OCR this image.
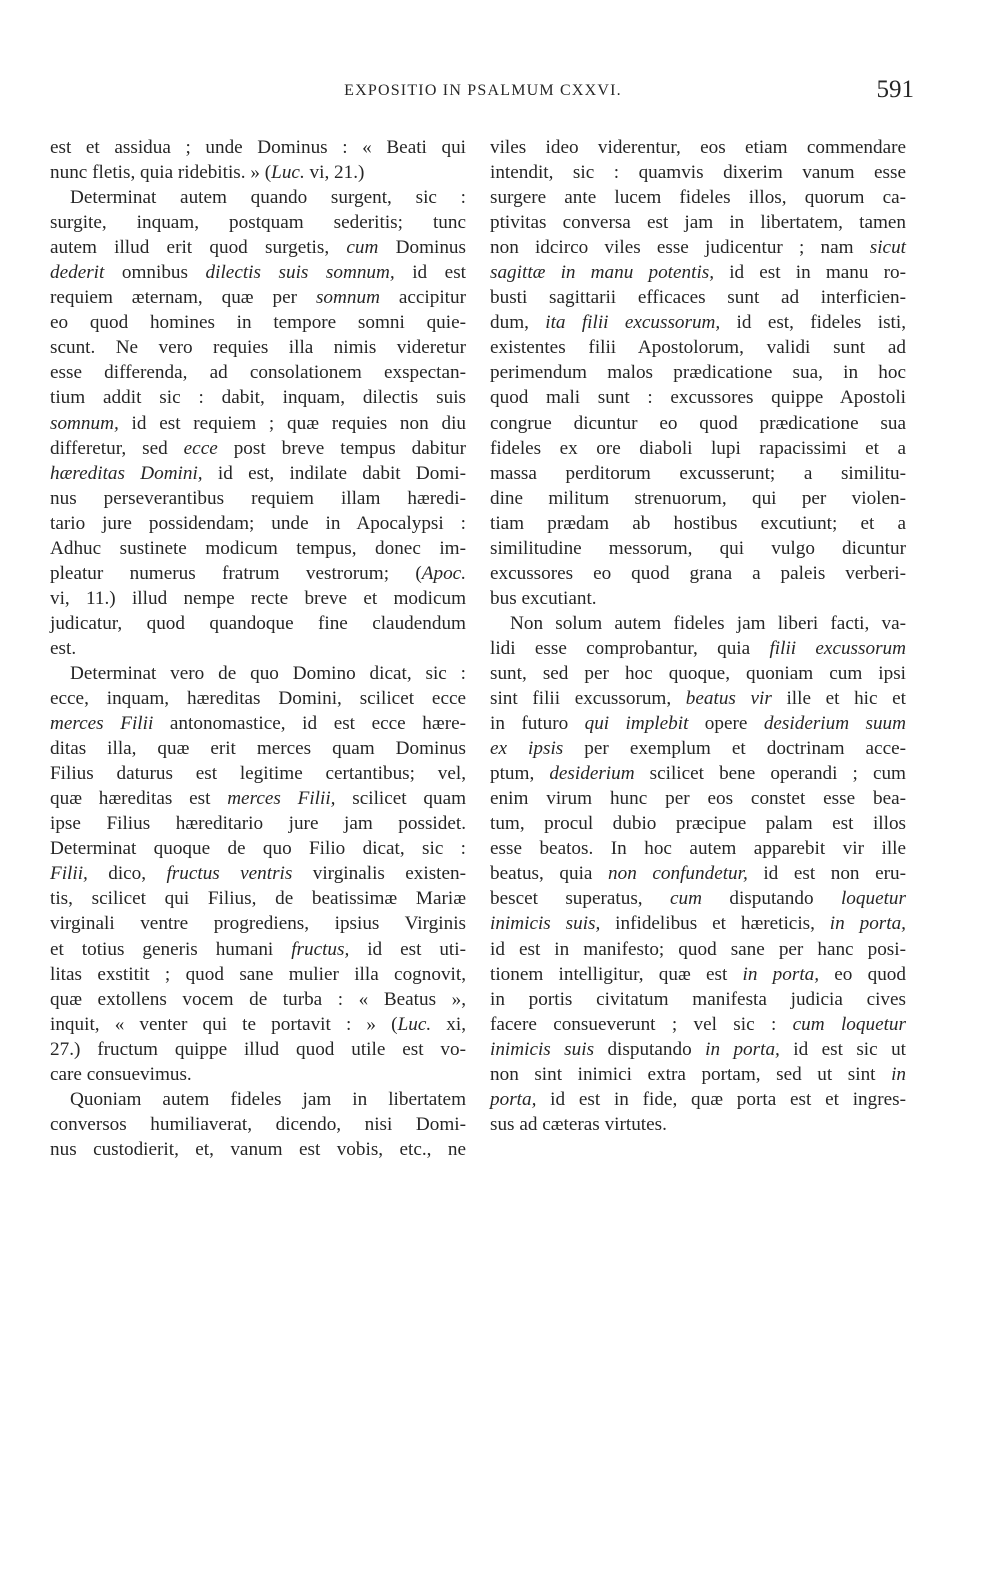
EXPOSITIO IN PSALMUM CXXVI.	591
est et assidua ; unde Dominus : « Beati qui
nunc fletis, quia ridebitis. » (Luc. vi, 21.)
Determinat autem quando surgent, sic :
surgite, inquam, postquam sederitis; tunc
autem illud erit quod surgetis, cum Dominus
dederit omnibus dilectis suis somnum, id est
requiem æternam, quæ per somnum accipitur
eo quod homines in tempore somni quie-
scunt. Ne vero requies illa nimis videretur
esse differenda, ad consolationem exspectan-
tium addit sic : dabit, inquam, dilectis suis
somnum, id est requiem ; quæ requies non diu
differetur, sed ecce post breve tempus dabitur
hæreditas Domini, id est, indilate dabit Domi-
nus perseverantibus requiem illam hæredi-
tario jure possidendam; unde in Apocalypsi :
Adhuc sustinete modicum tempus, donec im-
pleatur numerus fratrum vestrorum; (Apoc.
vi, 11.) illud nempe recte breve et modicum
judicatur, quod quandoque fine claudendum
est.
Determinat vero de quo Domino dicat, sic :
ecce, inquam, hæreditas Domini, scilicet ecce
merces Filii antonomastice, id est ecce hære-
ditas illa, quæ erit merces quam Dominus
Filius daturus est legitime certantibus; vel,
quæ hæreditas est merces Filii, scilicet quam
ipse Filius hæreditario jure jam possidet.
Determinat quoque de quo Filio dicat, sic :
Filii, dico, fructus ventris virginalis existen-
tis, scilicet qui Filius, de beatissimæ Mariæ
virginali ventre progrediens, ipsius Virginis
et totius generis humani fructus, id est uti-
litas exstitit ; quod sane mulier illa cognovit,
quæ extollens vocem de turba : « Beatus »,
inquit, « venter qui te portavit : » (Luc. xi,
27.) fructum quippe illud quod utile est vo-
care consuevimus.
Quoniam autem fideles jam in libertatem
conversos humiliaverat, dicendo, nisi Domi-
nus custodierit, et, vanum est vobis, etc., ne
viles ideo viderentur, eos etiam commendare
intendit, sic : quamvis dixerim vanum esse
surgere ante lucem fideles illos, quorum ca-
ptivitas conversa est jam in libertatem, tamen
non idcirco viles esse judicentur ; nam sicut
sagittæ in manu potentis, id est in manu ro-
busti sagittarii efficaces sunt ad interficien-
dum, ita filii excussorum, id est, fideles isti,
existentes filii Apostolorum, validi sunt ad
perimendum malos prædicatione sua, in hoc
quod mali sunt : excussores quippe Apostoli
congrue dicuntur eo quod prædicatione sua
fideles ex ore diaboli lupi rapacissimi et a
massa perditorum excusserunt; a similitu-
dine militum strenuorum, qui per violen-
tiam prædam ab hostibus excutiunt; et a
similitudine messorum, qui vulgo dicuntur
excussores eo quod grana a paleis verberi-
bus excutiant.
Non solum autem fideles jam liberi facti, va-
lidi esse comprobantur, quia filii excussorum
sunt, sed per hoc quoque, quoniam cum ipsi
sint filii excussorum, beatus vir ille et hic et
in futuro qui implebit opere desiderium suum
ex ipsis per exemplum et doctrinam acce-
ptum, desiderium scilicet bene operandi ; cum
enim virum hunc per eos constet esse bea-
tum, procul dubio præcipue palam est illos
esse beatos. In hoc autem apparebit vir ille
beatus, quia non confundetur, id est non eru-
bescet superatus, cum disputando loquetur
inimicis suis, infidelibus et hæreticis, in porta,
id est in manifesto; quod sane per hanc posi-
tionem intelligitur, quæ est in porta, eo quod
in portis civitatum manifesta judicia cives
facere consueverunt ; vel sic : cum loquetur
inimicis suis disputando in porta, id est sic ut
non sint inimici extra portam, sed ut sint in
porta, id est in fide, quæ porta est et ingres-
sus ad cæteras virtutes.
